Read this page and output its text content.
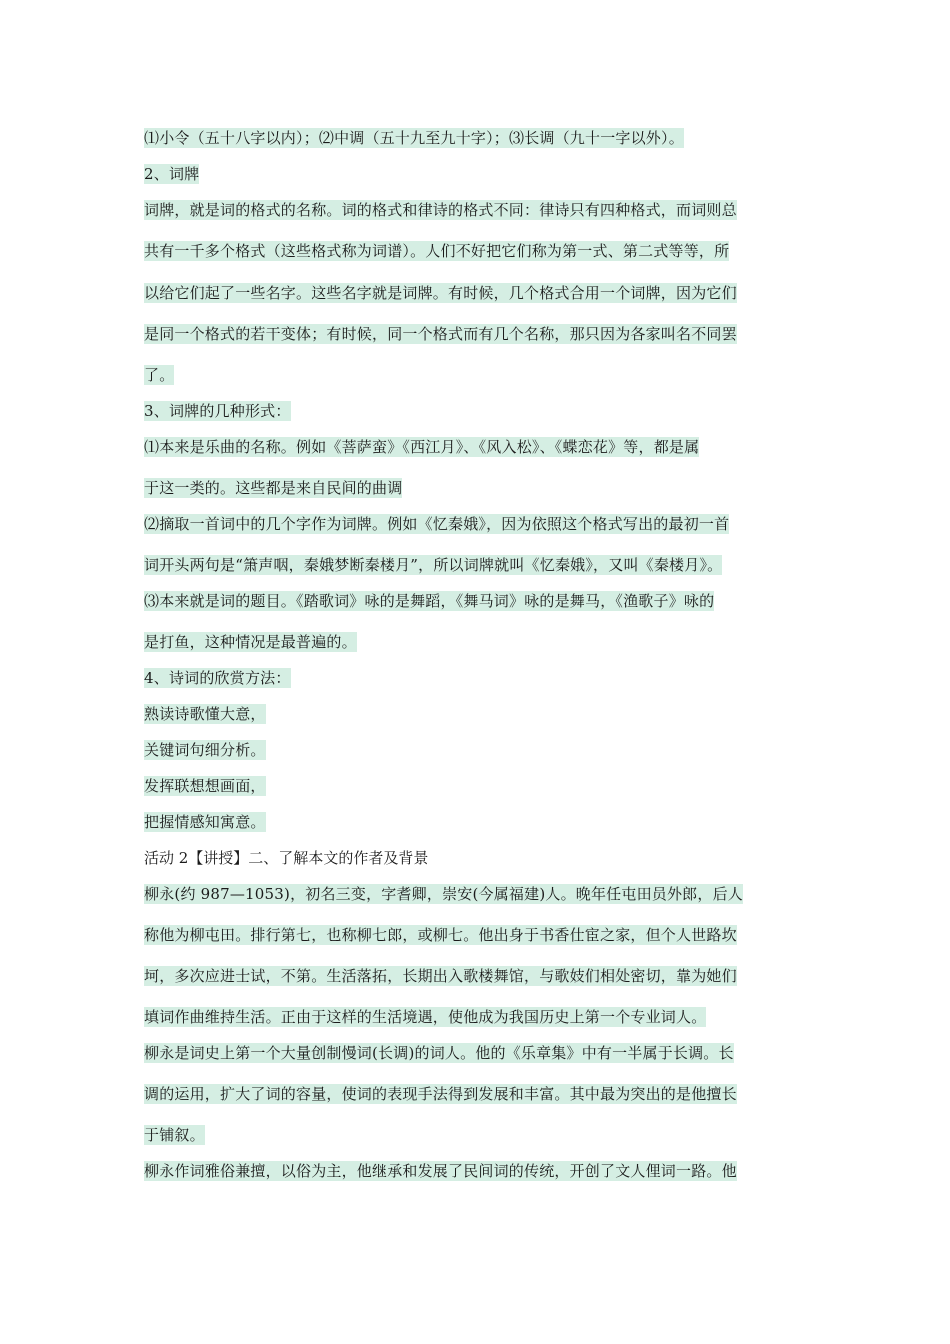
⑴小令（五十八字以内）；⑵中调（五十九至九十字）；⑶长调（九十一字以外）。

2、词牌

词牌，就是词的格式的名称。词的格式和律诗的格式不同：律诗只有四种格式，而词则总

共有一千多个格式（这些格式称为词谱）。人们不好把它们称为第一式、第二式等等，所

以给它们起了一些名字。这些名字就是词牌。有时候，几个格式合用一个词牌，因为它们

是同一个格式的若干变体；有时候，同一个格式而有几个名称，那只因为各家叫名不同罢

了。

3、词牌的几种形式：

⑴本来是乐曲的名称。例如《菩萨蛮》《西江月》、《风入松》、《蝶恋花》等，都是属

于这一类的。这些都是来自民间的曲调

⑵摘取一首词中的几个字作为词牌。例如《忆秦娥》，因为依照这个格式写出的最初一首

词开头两句是“箫声咽，秦娥梦断秦楼月”，所以词牌就叫《忆秦娥》，又叫《秦楼月》。

⑶本来就是词的题目。《踏歌词》咏的是舞蹈，《舞马词》咏的是舞马，《渔歌子》咏的

是打鱼，这种情况是最普遍的。

4、诗词的欣赏方法：

熟读诗歌懂大意，

关键词句细分析。

发挥联想想画面，

把握情感知寓意。

活动 2【讲授】二、了解本文的作者及背景

柳永(约 987—1053)，初名三变，字耆卿，崇安(今属福建)人。晚年任屯田员外郎，后人

称他为柳屯田。排行第七，也称柳七郎，或柳七。他出身于书香仕宦之家，但个人世路坎

坷，多次应进士试，不第。生活落拓，长期出入歌楼舞馆，与歌妓们相处密切，靠为她们

填词作曲维持生活。正由于这样的生活境遇，使他成为我国历史上第一个专业词人。

柳永是词史上第一个大量创制慢词(长调)的词人。他的《乐章集》中有一半属于长调。长

调的运用，扩大了词的容量，使词的表现手法得到发展和丰富。其中最为突出的是他擅长

于铺叙。

柳永作词雅俗兼擅，以俗为主，他继承和发展了民间词的传统，开创了文人俚词一路。他
